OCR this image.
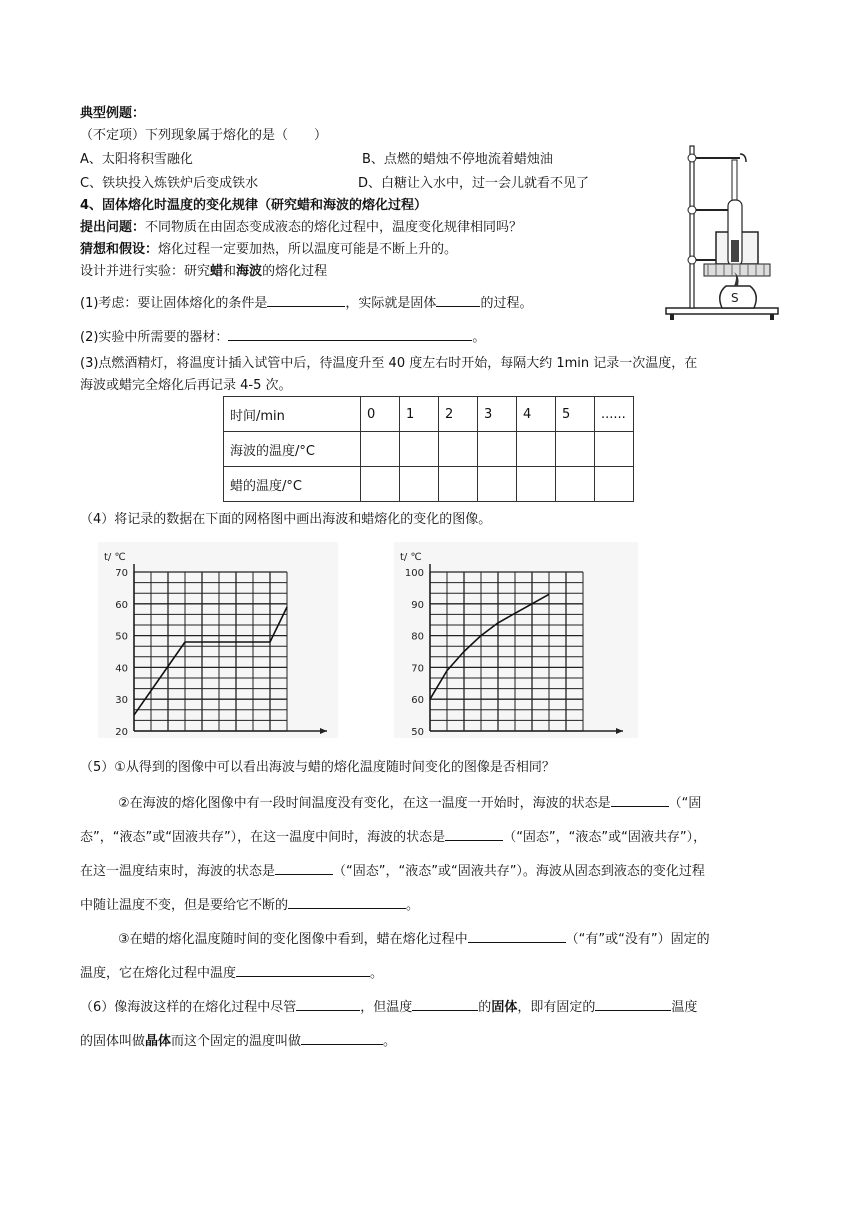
典型例题：
（不定项）下列现象属于熔化的是（　　）
A、太阳将积雪融化	B、点燃的蜡烛不停地流着蜡烛油
C、铁块投入炼铁炉后变成铁水	D、白糖让入水中，过一会儿就看不见了
4、固体熔化时温度的变化规律（研究蜡和海波的熔化过程）
提出问题：不同物质在由固态变成液态的熔化过程中，温度变化规律相同吗？
猜想和假设：熔化过程一定要加热，所以温度可能是不断上升的。
设计并进行实验：研究蜡和海波的熔化过程
(1)考虑：要让固体熔化的条件是	，实际就是固体	的过程。
(2)实验中所需要的器材：	。
(3)点燃酒精灯，将温度计插入试管中后，待温度升至 40 度左右时开始，每隔大约 1min 记录一次温度，在
海波或蜡完全熔化后再记录 4-5 次。
时间/min	0	1	2	3	4	5	......
海波的温度/°C							
蜡的温度/°C							
（4）将记录的数据在下面的网格图中画出海波和蜡熔化的变化的图像。
20
30
40
50
60
70
t/ ℃
50
60
70
80
90
100
t/ ℃
S
（5）①从得到的图像中可以看出海波与蜡的熔化温度随时间变化的图像是否相同？
②在海波的熔化图像中有一段时间温度没有变化，在这一温度一开始时，海波的状态是	（“固
态”，“液态”或“固液共存”），在这一温度中间时，海波的状态是	（“固态”，“液态”或“固液共存”），
在这一温度结束时，海波的状态是	（“固态”，“液态”或“固液共存”）。海波从固态到液态的变化过程
中随让温度不变，但是要给它不断的	。
③在蜡的熔化温度随时间的变化图像中看到，蜡在熔化过程中	（“有”或“没有”）固定的
温度，它在熔化过程中温度	。
（6）像海波这样的在熔化过程中尽管	，但温度	的固体，即有固定的	温度
的固体叫做晶体而这个固定的温度叫做	。
